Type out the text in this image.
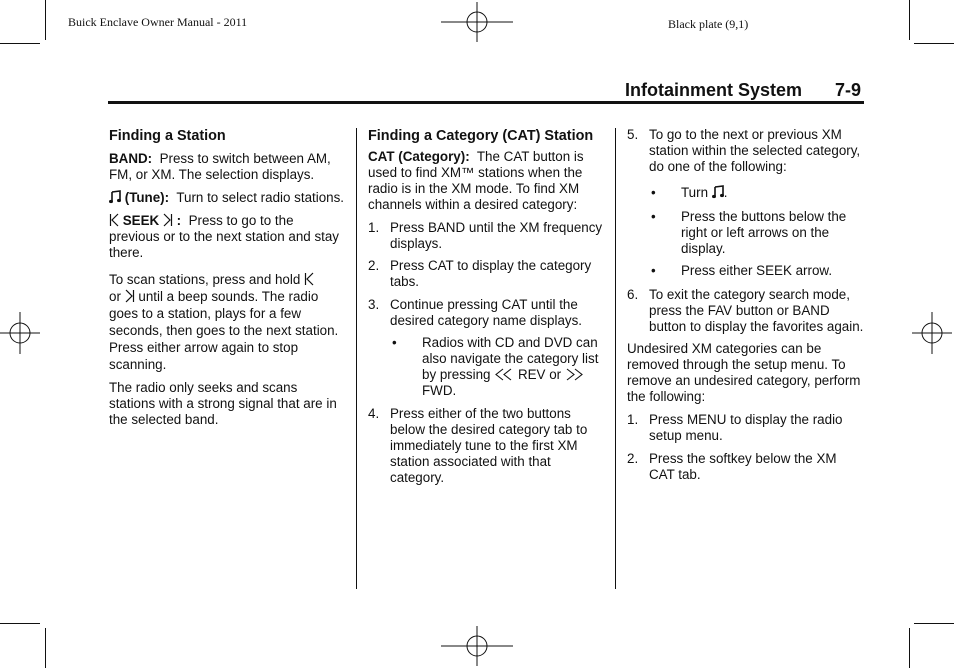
Buick Enclave Owner Manual - 2011	Black plate (9,1)
Infotainment System 7-9

Finding a Station

BAND: Press to switch between AM, FM, or XM. The selection displays.

(Tune): Turn to select radio stations.

SEEK : Press to go to the previous or to the next station and stay there.

To scan stations, press and hold
or until a beep sounds. The radio goes to a station, plays for a few seconds, then goes to the next station. Press either arrow again to stop scanning.

The radio only seeks and scans stations with a strong signal that are in the selected band.

Finding a Category (CAT) Station

CAT (Category): The CAT button is used to find XM™ stations when the radio is in the XM mode. To find XM channels within a desired category:

1. Press BAND until the XM frequency displays.
2. Press CAT to display the category tabs.
3. Continue pressing CAT until the desired category name displays.
• Radios with CD and DVD can also navigate the category list by pressing REV or  FWD.
4. Press either of the two buttons below the desired category tab to immediately tune to the first XM station associated with that category.
5. To go to the next or previous XM station within the selected category, do one of the following:
• Turn .
• Press the buttons below the right or left arrows on the display.
• Press either SEEK arrow.
6. To exit the category search mode, press the FAV button or BAND button to display the favorites again.

Undesired XM categories can be removed through the setup menu. To remove an undesired category, perform the following:

1. Press MENU to display the radio setup menu.
2. Press the softkey below the XM CAT tab.
